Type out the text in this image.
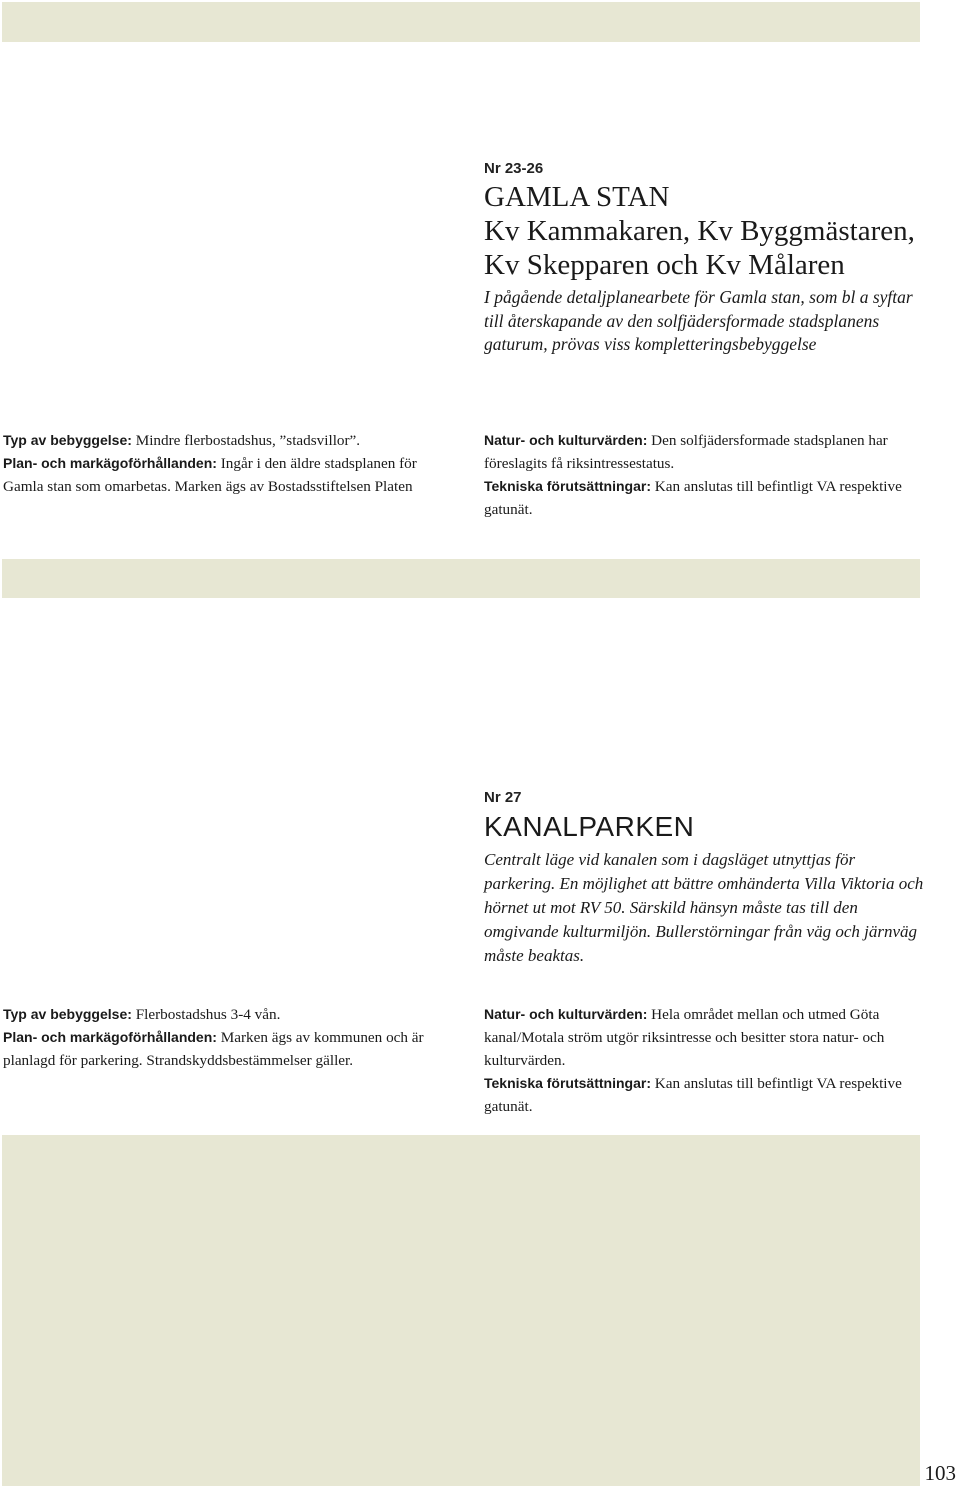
Nr 23-26
GAMLA STAN
Kv Kammakaren, Kv Byggmästaren,
Kv Skepparen och Kv Målaren

I pågående detaljplanearbete för Gamla stan, som bl a syftar till återskapande av den solfjädersformade stadsplanens gaturum, prövas viss kompletteringsbebyggelse

Typ av bebyggelse: Mindre flerbostadshus, ”stadsvillor”.

Plan- och markägoförhållanden: Ingår i den äldre stadsplanen för Gamla stan som omarbetas. Marken ägs av Bostadsstiftelsen Platen

Natur- och kulturvärden: Den solfjädersformade stadsplanen har föreslagits få riksintressestatus.

Tekniska förutsättningar: Kan anslutas till befintligt VA respektive gatunät.

Nr 27
KANALPARKEN

Centralt läge vid kanalen som i dagsläget utnyttjas för parkering. En möjlighet att bättre omhänderta Villa Viktoria och hörnet ut mot RV 50. Särskild hänsyn måste tas till den omgivande kulturmiljön. Bullerstörningar från väg och järnväg måste beaktas.

Typ av bebyggelse: Flerbostadshus 3-4 vån.

Plan- och markägoförhållanden: Marken ägs av kommunen och är planlagd för parkering. Strandskyddsbestämmelser gäller.

Natur- och kulturvärden: Hela området mellan och utmed Göta kanal/Motala ström utgör riksintresse och besitter stora natur- och kulturvärden.

Tekniska förutsättningar: Kan anslutas till befintligt VA respektive gatunät.

103
